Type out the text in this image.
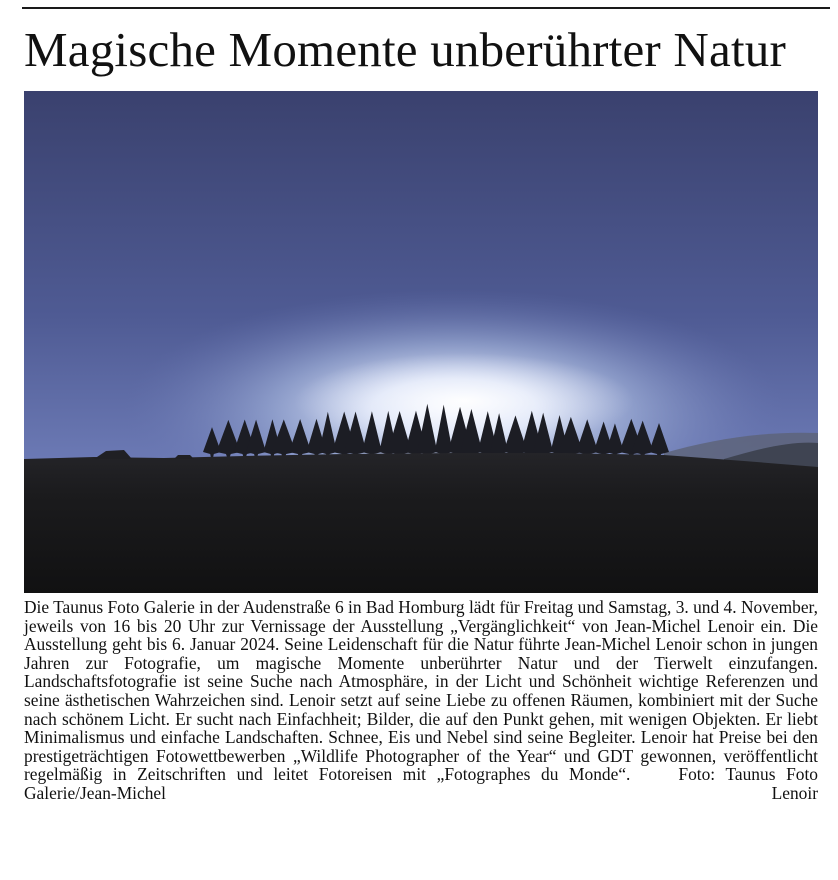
Magische Momente unberührter Natur

Die Taunus Foto Galerie in der Audenstraße 6 in Bad Homburg lädt für Freitag und Samstag, 3. und 4. November, jeweils von 16 bis 20 Uhr zur Vernissage der Ausstellung „Vergänglichkeit“ von Jean-Michel Lenoir ein. Die Ausstellung geht bis 6. Januar 2024. Seine Leidenschaft für die Natur führte Jean-Michel Lenoir schon in jungen Jahren zur Fotografie, um magische Momente unberührter Natur und der Tierwelt einzufangen. Landschaftsfotografie ist seine Suche nach Atmosphäre, in der Licht und Schönheit wichtige Referenzen und seine ästhetischen Wahrzeichen sind. Lenoir setzt auf seine Liebe zu offenen Räumen, kombiniert mit der Suche nach schönem Licht. Er sucht nach Einfachheit; Bilder, die auf den Punkt gehen, mit wenigen Objekten. Er liebt Minimalismus und einfache Landschaften. Schnee, Eis und Nebel sind seine Begleiter. Lenoir hat Preise bei den prestigeträchtigen Fotowettbewerben „Wildlife Photographer of the Year“ und GDT gewonnen, veröffentlicht regelmäßig in Zeitschriften und leitet Fotoreisen mit „Fotographes du Monde“.	Foto: Taunus Foto Galerie/Jean-Michel Lenoir
